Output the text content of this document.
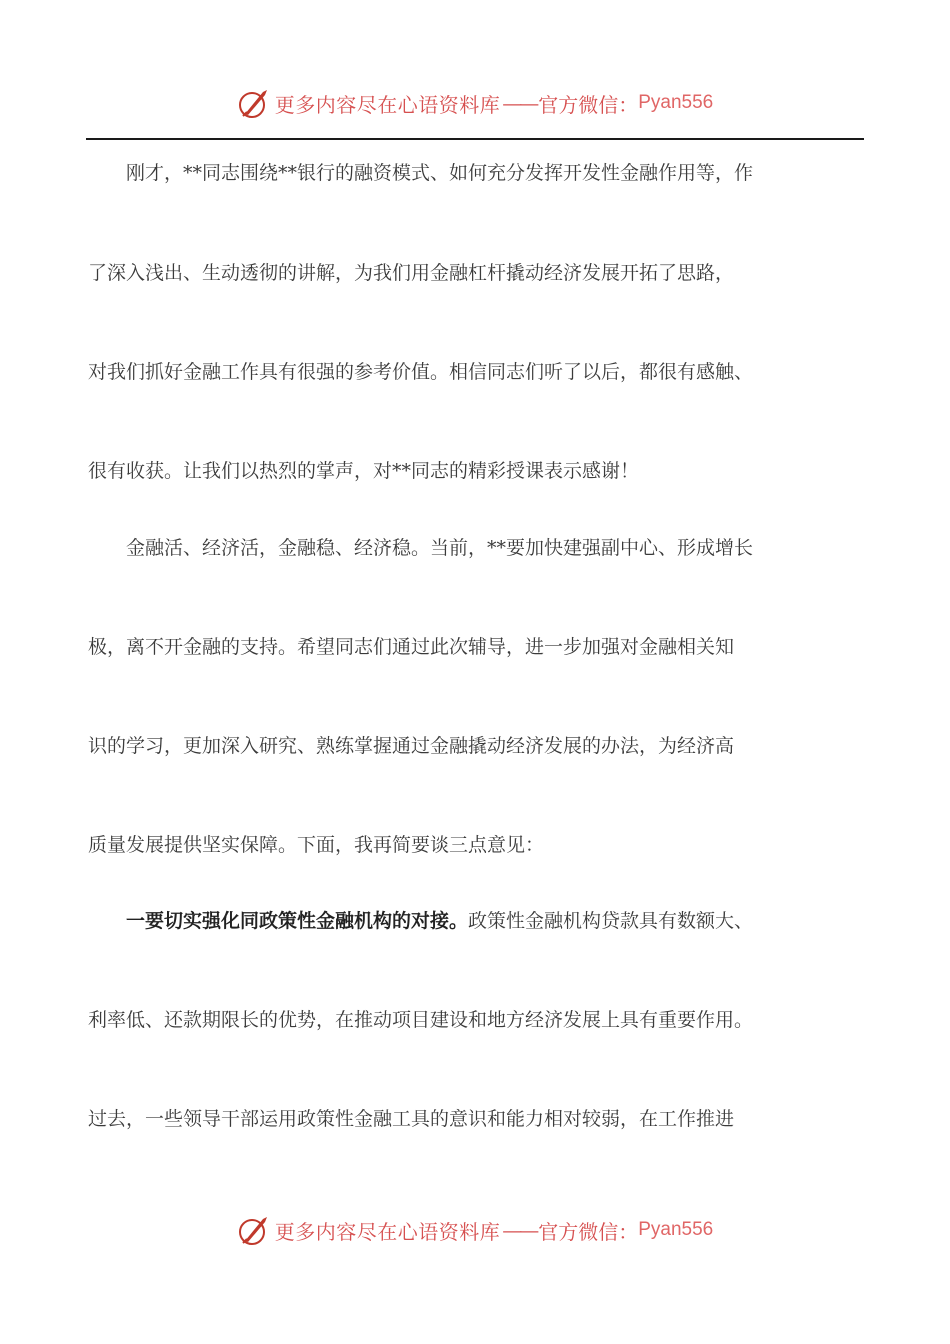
更多内容尽在心语资料库 —— 官方微信： Pyan556
刚才，**同志围绕**银行的融资模式、如何充分发挥开发性金融作用等，作
了深入浅出、生动透彻的讲解，为我们用金融杠杆撬动经济发展开拓了思路，
对我们抓好金融工作具有很强的参考价值。相信同志们听了以后，都很有感触、
很有收获。让我们以热烈的掌声，对**同志的精彩授课表示感谢！
金融活、经济活，金融稳、经济稳。当前，**要加快建强副中心、形成增长
极，离不开金融的支持。希望同志们通过此次辅导，进一步加强对金融相关知
识的学习，更加深入研究、熟练掌握通过金融撬动经济发展的办法，为经济高
质量发展提供坚实保障。下面，我再简要谈三点意见：
一要切实强化同政策性金融机构的对接。政策性金融机构贷款具有数额大、
利率低、还款期限长的优势，在推动项目建设和地方经济发展上具有重要作用。
过去，一些领导干部运用政策性金融工具的意识和能力相对较弱，在工作推进
更多内容尽在心语资料库 —— 官方微信： Pyan556
